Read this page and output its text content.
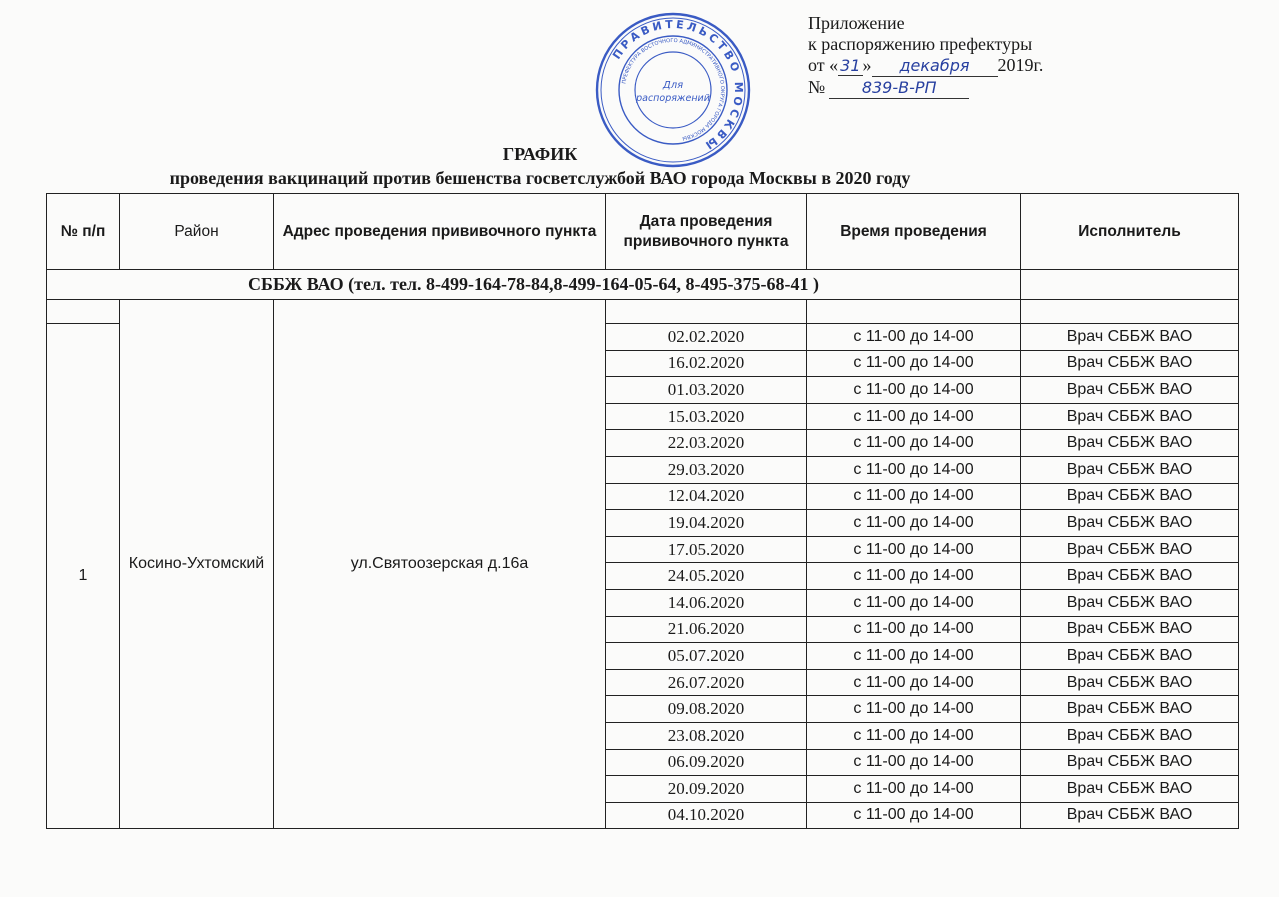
Приложение
к распоряжению префектуры
от « 31 » декабря 2019г.
№ 839-В-РП
ПРАВИТЕЛЬСТВО МОСКВЫ
ПРЕФЕКТУРА ВОСТОЧНОГО АДМИНИСТРАТИВНОГО ОКРУГА ГОРОДА МОСКВЫ
Для
распоряжений
ГРАФИК
проведения вакцинаций против бешенства госветслужбой ВАО города Москвы в 2020 году
№ п/п	Район	Адрес проведения прививочного пункта	Дата проведения прививочного пункта	Время проведения	Исполнитель
СББЖ ВАО (тел. тел. 8-499-164-78-84,8-499-164-05-64, 8-495-375-68-41 )					
	Косино-Ухтомский	ул.Святоозерская д.16а			
1			02.02.2020	с 11-00 до 14-00	Врач СББЖ ВАО
			16.02.2020	с 11-00 до 14-00	Врач СББЖ ВАО
			01.03.2020	с 11-00 до 14-00	Врач СББЖ ВАО
			15.03.2020	с 11-00 до 14-00	Врач СББЖ ВАО
			22.03.2020	с 11-00 до 14-00	Врач СББЖ ВАО
			29.03.2020	с 11-00 до 14-00	Врач СББЖ ВАО
			12.04.2020	с 11-00 до 14-00	Врач СББЖ ВАО
			19.04.2020	с 11-00 до 14-00	Врач СББЖ ВАО
			17.05.2020	с 11-00 до 14-00	Врач СББЖ ВАО
			24.05.2020	с 11-00 до 14-00	Врач СББЖ ВАО
			14.06.2020	с 11-00 до 14-00	Врач СББЖ ВАО
			21.06.2020	с 11-00 до 14-00	Врач СББЖ ВАО
			05.07.2020	с 11-00 до 14-00	Врач СББЖ ВАО
			26.07.2020	с 11-00 до 14-00	Врач СББЖ ВАО
			09.08.2020	с 11-00 до 14-00	Врач СББЖ ВАО
			23.08.2020	с 11-00 до 14-00	Врач СББЖ ВАО
			06.09.2020	с 11-00 до 14-00	Врач СББЖ ВАО
			20.09.2020	с 11-00 до 14-00	Врач СББЖ ВАО
			04.10.2020	с 11-00 до 14-00	Врач СББЖ ВАО
